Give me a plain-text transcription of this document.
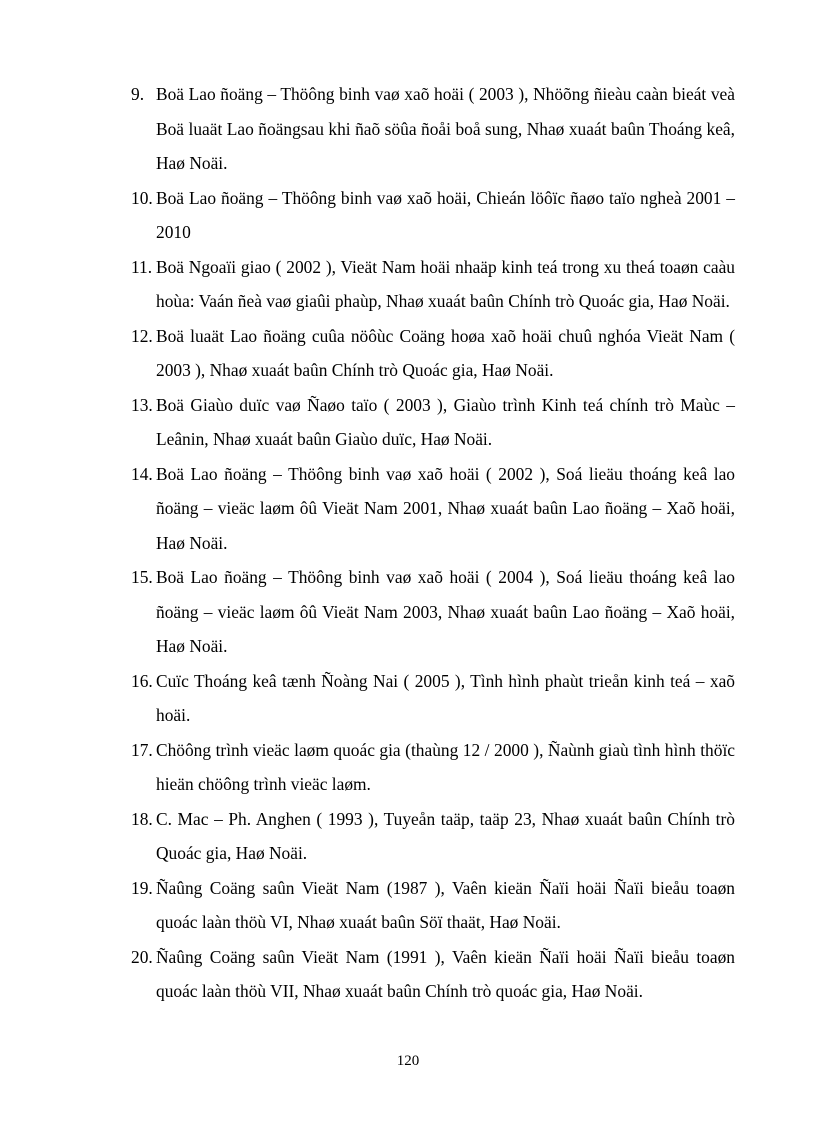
9. Boä Lao ñoäng – Thöông binh vaø xaõ hoäi ( 2003 ), Nhöõng ñieàu caàn bieát veà Boä luaät Lao ñoängsau khi ñaõ söûa ñoåi boå sung, Nhaø xuaát baûn Thoáng keâ, Haø Noäi.
10. Boä Lao ñoäng – Thöông binh vaø xaõ hoäi, Chieán löôïc ñaøo taïo ngheà 2001 – 2010
11. Boä Ngoaïi giao ( 2002 ), Vieät Nam hoäi nhaäp kinh teá trong xu theá toaøn caàu hoùa: Vaán ñeà vaø giaûi phaùp, Nhaø xuaát baûn Chính trò Quoác gia, Haø Noäi.
12. Boä luaät Lao ñoäng cuûa nöôùc Coäng hoøa xaõ hoäi chuû nghóa Vieät Nam ( 2003 ), Nhaø xuaát baûn Chính trò Quoác gia, Haø Noäi.
13. Boä Giaùo duïc vaø Ñaøo taïo ( 2003 ), Giaùo trình Kinh teá chính trò Maùc – Leânin, Nhaø xuaát baûn Giaùo duïc, Haø Noäi.
14. Boä Lao ñoäng – Thöông binh vaø xaõ hoäi ( 2002 ), Soá lieäu thoáng keâ lao ñoäng – vieäc laøm ôû Vieät Nam 2001, Nhaø xuaát baûn Lao ñoäng – Xaõ hoäi, Haø Noäi.
15. Boä Lao ñoäng – Thöông binh vaø xaõ hoäi ( 2004 ), Soá lieäu thoáng keâ lao ñoäng – vieäc laøm ôû Vieät Nam 2003, Nhaø xuaát baûn Lao ñoäng – Xaõ hoäi, Haø Noäi.
16. Cuïc Thoáng keâ tænh Ñoàng Nai ( 2005 ), Tình hình phaùt trieån kinh teá – xaõ hoäi.
17. Chöông trình vieäc laøm quoác gia (thaùng 12 / 2000 ), Ñaùnh giaù tình hình thöïc hieän chöông trình vieäc laøm.
18. C. Mac – Ph. Anghen ( 1993 ), Tuyeån taäp, taäp 23, Nhaø xuaát baûn Chính trò Quoác gia, Haø Noäi.
19. Ñaûng Coäng saûn Vieät Nam (1987 ), Vaên kieän Ñaïi hoäi Ñaïi bieåu toaøn quoác laàn thöù VI, Nhaø xuaát baûn Söï thaät, Haø Noäi.
20. Ñaûng Coäng saûn Vieät Nam (1991 ), Vaên kieän Ñaïi hoäi Ñaïi bieåu toaøn quoác laàn thöù VII, Nhaø xuaát baûn Chính trò quoác gia, Haø Noäi.
120
